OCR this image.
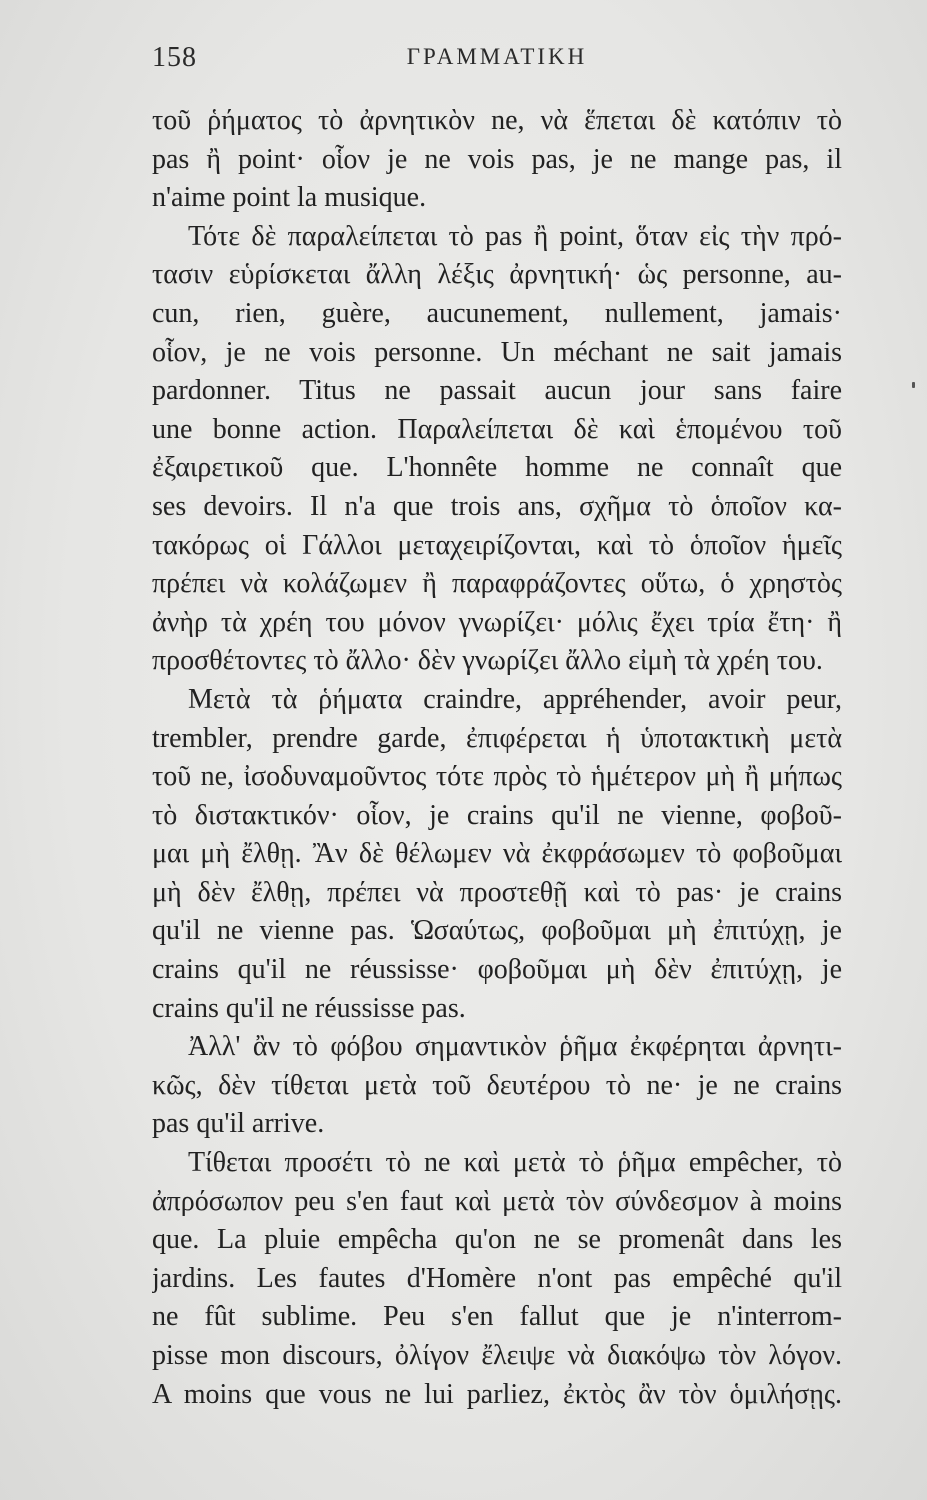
158	ΓΡΑΜΜΑΤΙΚΗ
τοῦ ῥήματος τὸ ἀρνητικὸν ne, νὰ ἕπεται δὲ κατόπιν τὸ
pas ἢ point· οἷον je ne vois pas, je ne mange pas, il
n'aime point la musique.
Τότε δὲ παραλείπεται τὸ pas ἢ point, ὅταν εἰς τὴν πρό-
τασιν εὑρίσκεται ἄλλη λέξις ἀρνητική· ὡς personne, au-
cun, rien, guère, aucunement, nullement, jamais·
οἷον, je ne vois personne. Un méchant ne sait jamais
pardonner. Titus ne passait aucun jour sans faire
une bonne action. Παραλείπεται δὲ καὶ ἑπομένου τοῦ
ἐξαιρετικοῦ que. L'honnête homme ne connaît que
ses devoirs. Il n'a que trois ans, σχῆμα τὸ ὁποῖον κα-
τακόρως οἱ Γάλλοι μεταχειρίζονται, καὶ τὸ ὁποῖον ἡμεῖς
πρέπει νὰ κολάζωμεν ἢ παραφράζοντες οὕτω, ὁ χρηστὸς
ἀνὴρ τὰ χρέη του μόνον γνωρίζει· μόλις ἔχει τρία ἔτη· ἢ
προσθέτοντες τὸ ἄλλο· δὲν γνωρίζει ἄλλο εἰμὴ τὰ χρέη του.
Μετὰ τὰ ῥήματα craindre, appréhender, avoir peur,
trembler, prendre garde, ἐπιφέρεται ἡ ὑποτακτικὴ μετὰ
τοῦ ne, ἰσοδυναμοῦντος τότε πρὸς τὸ ἡμέτερον μὴ ἢ μήπως
τὸ διστακτικόν· οἷον, je crains qu'il ne vienne, φοβοῦ-
μαι μὴ ἔλθῃ. Ἂν δὲ θέλωμεν νὰ ἐκφράσωμεν τὸ φοβοῦμαι
μὴ δὲν ἔλθῃ, πρέπει νὰ προστεθῇ καὶ τὸ pas· je crains
qu'il ne vienne pas. Ὡσαύτως, φοβοῦμαι μὴ ἐπιτύχῃ, je
crains qu'il ne réussisse· φοβοῦμαι μὴ δὲν ἐπιτύχῃ, je
crains qu'il ne réussisse pas.
Ἀλλ' ἂν τὸ φόβου σημαντικὸν ῥῆμα ἐκφέρηται ἀρνητι-
κῶς, δὲν τίθεται μετὰ τοῦ δευτέρου τὸ ne· je ne crains
pas qu'il arrive.
Τίθεται προσέτι τὸ ne καὶ μετὰ τὸ ῥῆμα empêcher, τὸ
ἀπρόσωπον peu s'en faut καὶ μετὰ τὸν σύνδεσμον à moins
que. La pluie empêcha qu'on ne se promenât dans les
jardins. Les fautes d'Homère n'ont pas empêché qu'il
ne fût sublime. Peu s'en fallut que je n'interrom-
pisse mon discours, ὀλίγον ἔλειψε νὰ διακόψω τὸν λόγον.
A moins que vous ne lui parliez, ἐκτὸς ἂν τὸν ὁμιλήσῃς.
